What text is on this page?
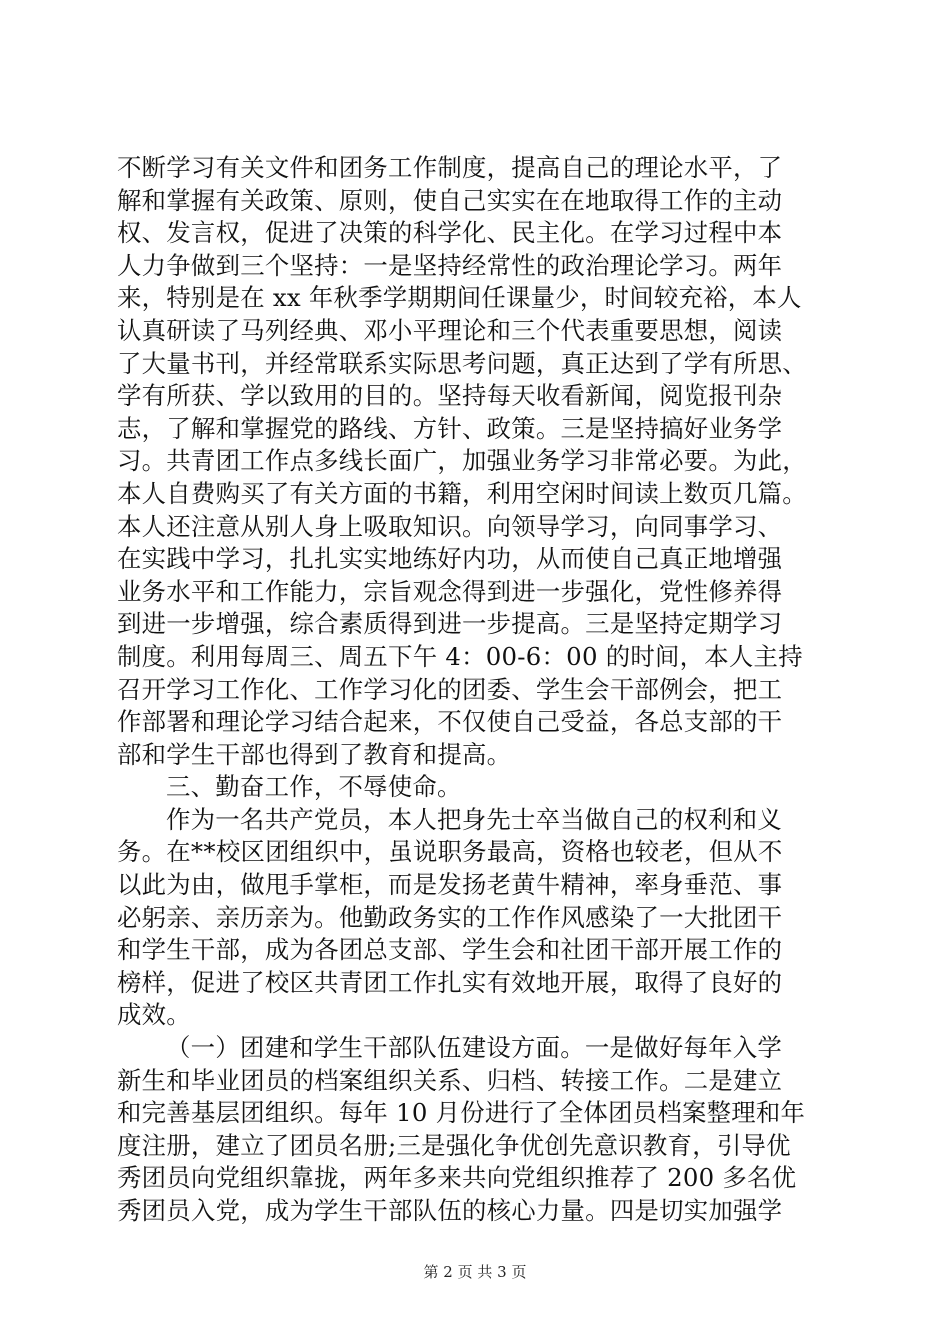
不断学习有关文件和团务工作制度，提高自己的理论水平，了
解和掌握有关政策、原则，使自己实实在在地取得工作的主动
权、发言权，促进了决策的科学化、民主化。在学习过程中本
人力争做到三个坚持：一是坚持经常性的政治理论学习。两年
来，特别是在 xx 年秋季学期期间任课量少，时间较充裕，本人
认真研读了马列经典、邓小平理论和三个代表重要思想，阅读
了大量书刊，并经常联系实际思考问题，真正达到了学有所思、
学有所获、学以致用的目的。坚持每天收看新闻，阅览报刊杂
志，了解和掌握党的路线、方针、政策。三是坚持搞好业务学
习。共青团工作点多线长面广，加强业务学习非常必要。为此，
本人自费购买了有关方面的书籍，利用空闲时间读上数页几篇。
本人还注意从别人身上吸取知识。向领导学习，向同事学习、
在实践中学习，扎扎实实地练好内功，从而使自己真正地增强
业务水平和工作能力，宗旨观念得到进一步强化，党性修养得
到进一步增强，综合素质得到进一步提高。三是坚持定期学习
制度。利用每周三、周五下午 4：00-6：00 的时间，本人主持
召开学习工作化、工作学习化的团委、学生会干部例会，把工
作部署和理论学习结合起来，不仅使自己受益，各总支部的干
部和学生干部也得到了教育和提高。
三、勤奋工作，不辱使命。
作为一名共产党员，本人把身先士卒当做自己的权利和义
务。在**校区团组织中，虽说职务最高，资格也较老，但从不
以此为由，做甩手掌柜，而是发扬老黄牛精神，率身垂范、事
必躬亲、亲历亲为。他勤政务实的工作作风感染了一大批团干
和学生干部，成为各团总支部、学生会和社团干部开展工作的
榜样，促进了校区共青团工作扎实有效地开展，取得了良好的
成效。
（一）团建和学生干部队伍建设方面。一是做好每年入学
新生和毕业团员的档案组织关系、归档、转接工作。二是建立
和完善基层团组织。每年 10 月份进行了全体团员档案整理和年
度注册，建立了团员名册;三是强化争优创先意识教育，引导优
秀团员向党组织靠拢，两年多来共向党组织推荐了 200 多名优
秀团员入党，成为学生干部队伍的核心力量。四是切实加强学
第 2 页 共 3 页
